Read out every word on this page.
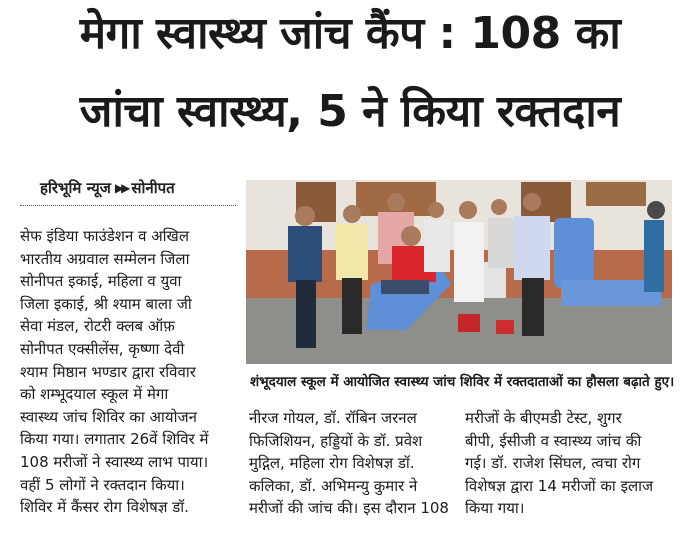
मेगा स्वास्थ्य जांच कैंप : 108 का
जांचा स्वास्थ्य, 5 ने किया रक्तदान
हरिभूमि न्यूज ▶▶ सोनीपत
सेफ इंडिया फाउंडेशन व अखिल
भारतीय अग्रवाल सम्मेलन जिला
सोनीपत इकाई, महिला व युवा
जिला इकाई, श्री श्याम बाला जी
सेवा मंडल, रोटरी क्लब ऑफ़
सोनीपत एक्सीलेंस, कृष्णा देवी
श्याम मिष्ठान भण्डार द्वारा रविवार
को शम्भूदयाल स्कूल में मेगा
स्वास्थ्य जांच शिविर का आयोजन
किया गया। लगातार 26वें शिविर में
108 मरीजों ने स्वास्थ्य लाभ पाया।
वहीं 5 लोगों ने रक्तदान किया।
शिविर में कैंसर रोग विशेषज्ञ डॉ.
शंभूदयाल स्कूल में आयोजित स्वास्थ्य जांच शिविर में रक्तदाताओं का हौसला बढ़ाते हुए।
नीरज गोयल, डॉ. रॉबिन जरनल
फिजिशियन, हड्डियों के डॉ. प्रवेश
मुद्गिल, महिला रोग विशेषज्ञ डॉ.
कलिका, डॉ. अभिमन्यु कुमार ने
मरीजों की जांच की। इस दौरान 108
मरीजों के बीएमडी टेस्ट, शुगर
बीपी, ईसीजी व स्वास्थ्य जांच की
गई। डॉ. राजेश सिंघल, त्वचा रोग
विशेषज्ञ द्वारा 14 मरीजों का इलाज
किया गया।
